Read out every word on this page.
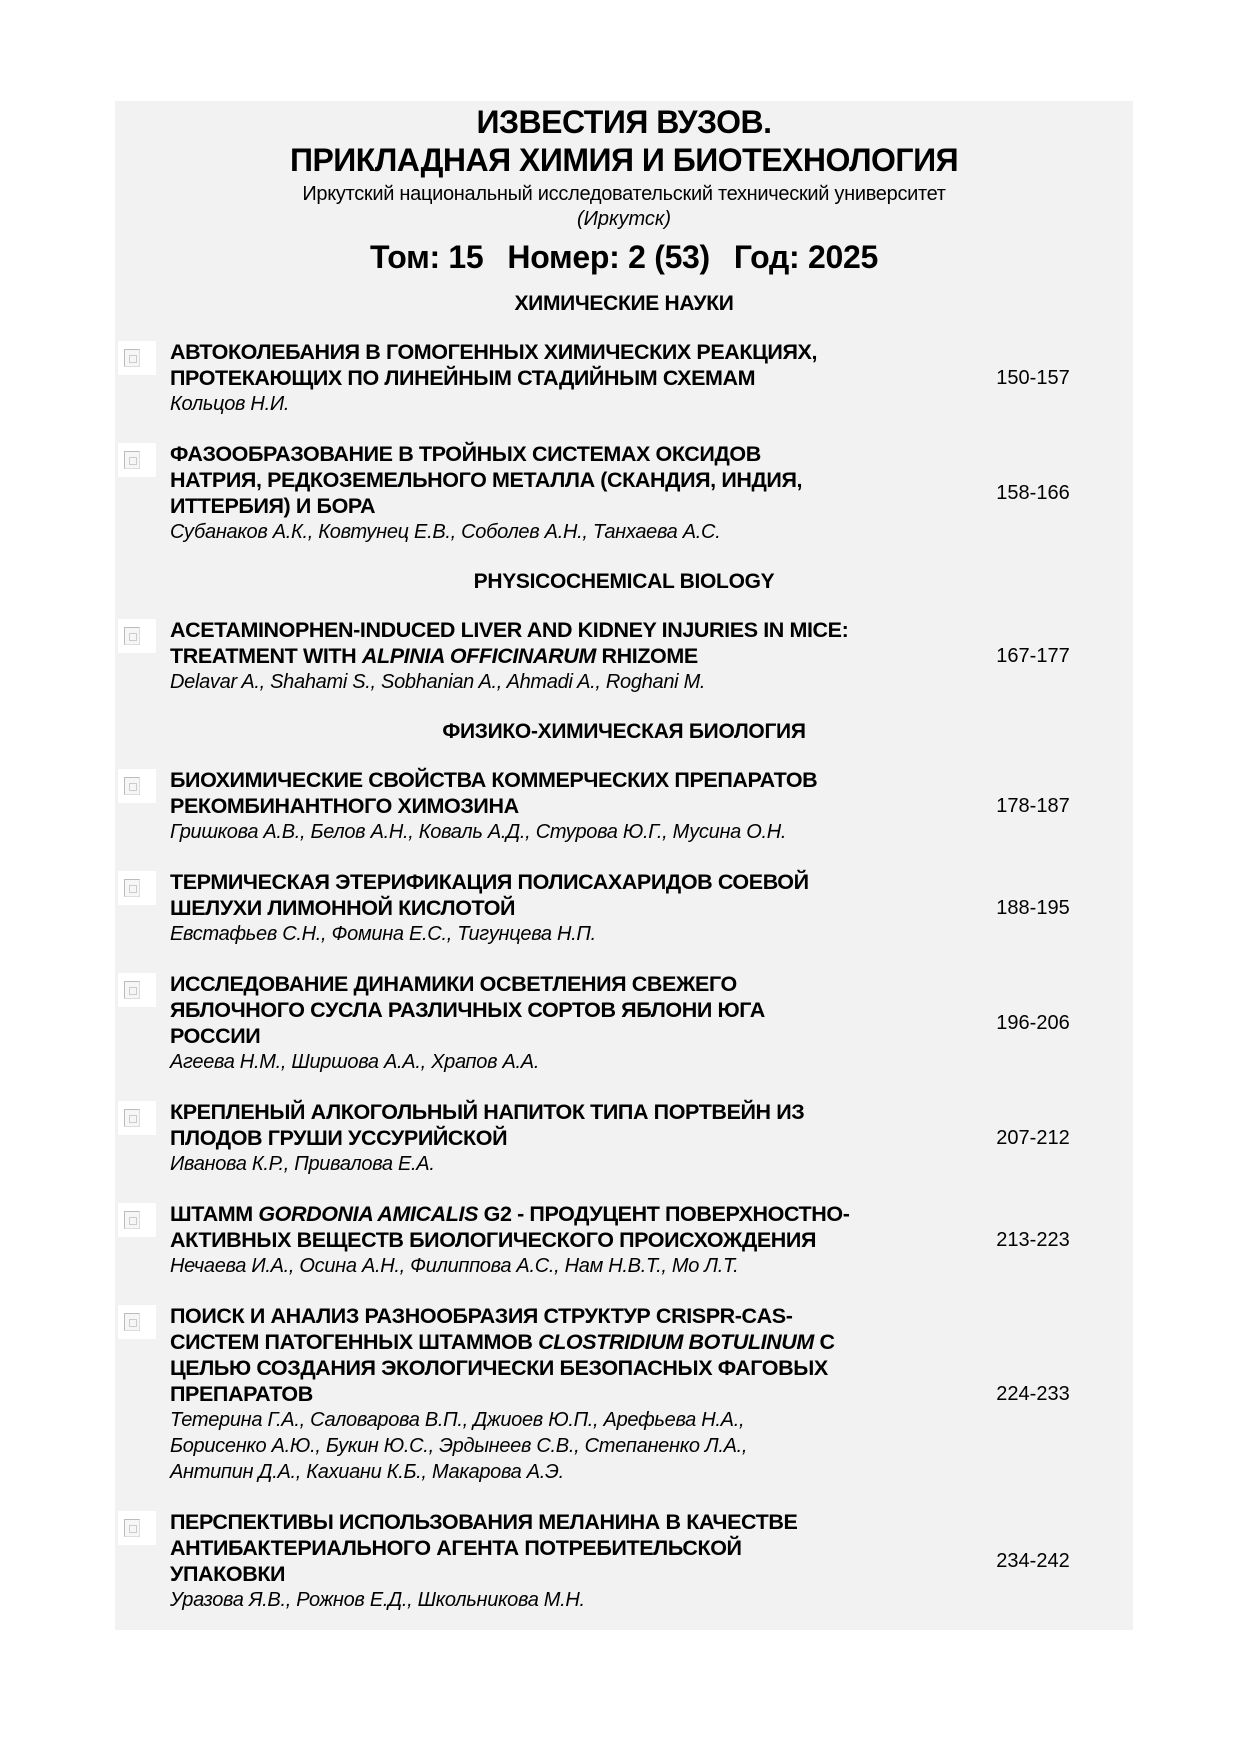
ИЗВЕСТИЯ ВУЗОВ.
ПРИКЛАДНАЯ ХИМИЯ И БИОТЕХНОЛОГИЯ
Иркутский национальный исследовательский технический университет
(Иркутск)
Том: 15 Номер: 2 (53) Год: 2025
ХИМИЧЕСКИЕ НАУКИ
АВТОКОЛЕБАНИЯ В ГОМОГЕННЫХ ХИМИЧЕСКИХ РЕАКЦИЯХ,
ПРОТЕКАЮЩИХ ПО ЛИНЕЙНЫМ СТАДИЙНЫМ СХЕМАМ
Кольцов Н.И.
150-157
ФАЗООБРАЗОВАНИЕ В ТРОЙНЫХ СИСТЕМАХ ОКСИДОВ
НАТРИЯ, РЕДКОЗЕМЕЛЬНОГО МЕТАЛЛА (СКАНДИЯ, ИНДИЯ,
ИТТЕРБИЯ) И БОРА
Субанаков А.К., Ковтунец Е.В., Соболев А.Н., Танхаева А.С.
158-166
PHYSICOCHEMICAL BIOLOGY
ACETAMINOPHEN-INDUCED LIVER AND KIDNEY INJURIES IN MICE:
TREATMENT WITH ALPINIA OFFICINARUM RHIZOME
Delavar A., Shahami S., Sobhanian A., Ahmadi A., Roghani M.
167-177
ФИЗИКО-ХИМИЧЕСКАЯ БИОЛОГИЯ
БИОХИМИЧЕСКИЕ СВОЙСТВА КОММЕРЧЕСКИХ ПРЕПАРАТОВ
РЕКОМБИНАНТНОГО ХИМОЗИНА
Гришкова А.В., Белов А.Н., Коваль А.Д., Стурова Ю.Г., Мусина О.Н.
178-187
ТЕРМИЧЕСКАЯ ЭТЕРИФИКАЦИЯ ПОЛИСАХАРИДОВ СОЕВОЙ
ШЕЛУХИ ЛИМОННОЙ КИСЛОТОЙ
Евстафьев С.Н., Фомина Е.С., Тигунцева Н.П.
188-195
ИССЛЕДОВАНИЕ ДИНАМИКИ ОСВЕТЛЕНИЯ СВЕЖЕГО
ЯБЛОЧНОГО СУСЛА РАЗЛИЧНЫХ СОРТОВ ЯБЛОНИ ЮГА
РОССИИ
Агеева Н.М., Ширшова А.А., Храпов А.А.
196-206
КРЕПЛЕНЫЙ АЛКОГОЛЬНЫЙ НАПИТОК ТИПА ПОРТВЕЙН ИЗ
ПЛОДОВ ГРУШИ УССУРИЙСКОЙ
Иванова К.Р., Привалова Е.А.
207-212
ШТАММ GORDONIA AMICALIS G2 - ПРОДУЦЕНТ ПОВЕРХНОСТНО-
АКТИВНЫХ ВЕЩЕСТВ БИОЛОГИЧЕСКОГО ПРОИСХОЖДЕНИЯ
Нечаева И.А., Осина А.Н., Филиппова А.С., Нам Н.В.Т., Мо Л.Т.
213-223
ПОИСК И АНАЛИЗ РАЗНООБРАЗИЯ СТРУКТУР CRISPR-CAS-
СИСТЕМ ПАТОГЕННЫХ ШТАММОВ CLOSTRIDIUM BOTULINUM С
ЦЕЛЬЮ СОЗДАНИЯ ЭКОЛОГИЧЕСКИ БЕЗОПАСНЫХ ФАГОВЫХ
ПРЕПАРАТОВ
Тетерина Г.А., Саловарова В.П., Джиоев Ю.П., Арефьева Н.А.,
Борисенко А.Ю., Букин Ю.С., Эрдынеев С.В., Степаненко Л.А.,
Антипин Д.А., Кахиани К.Б., Макарова А.Э.
224-233
ПЕРСПЕКТИВЫ ИСПОЛЬЗОВАНИЯ МЕЛАНИНА В КАЧЕСТВЕ
АНТИБАКТЕРИАЛЬНОГО АГЕНТА ПОТРЕБИТЕЛЬСКОЙ
УПАКОВКИ
Уразова Я.В., Рожнов Е.Д., Школьникова М.Н.
234-242
